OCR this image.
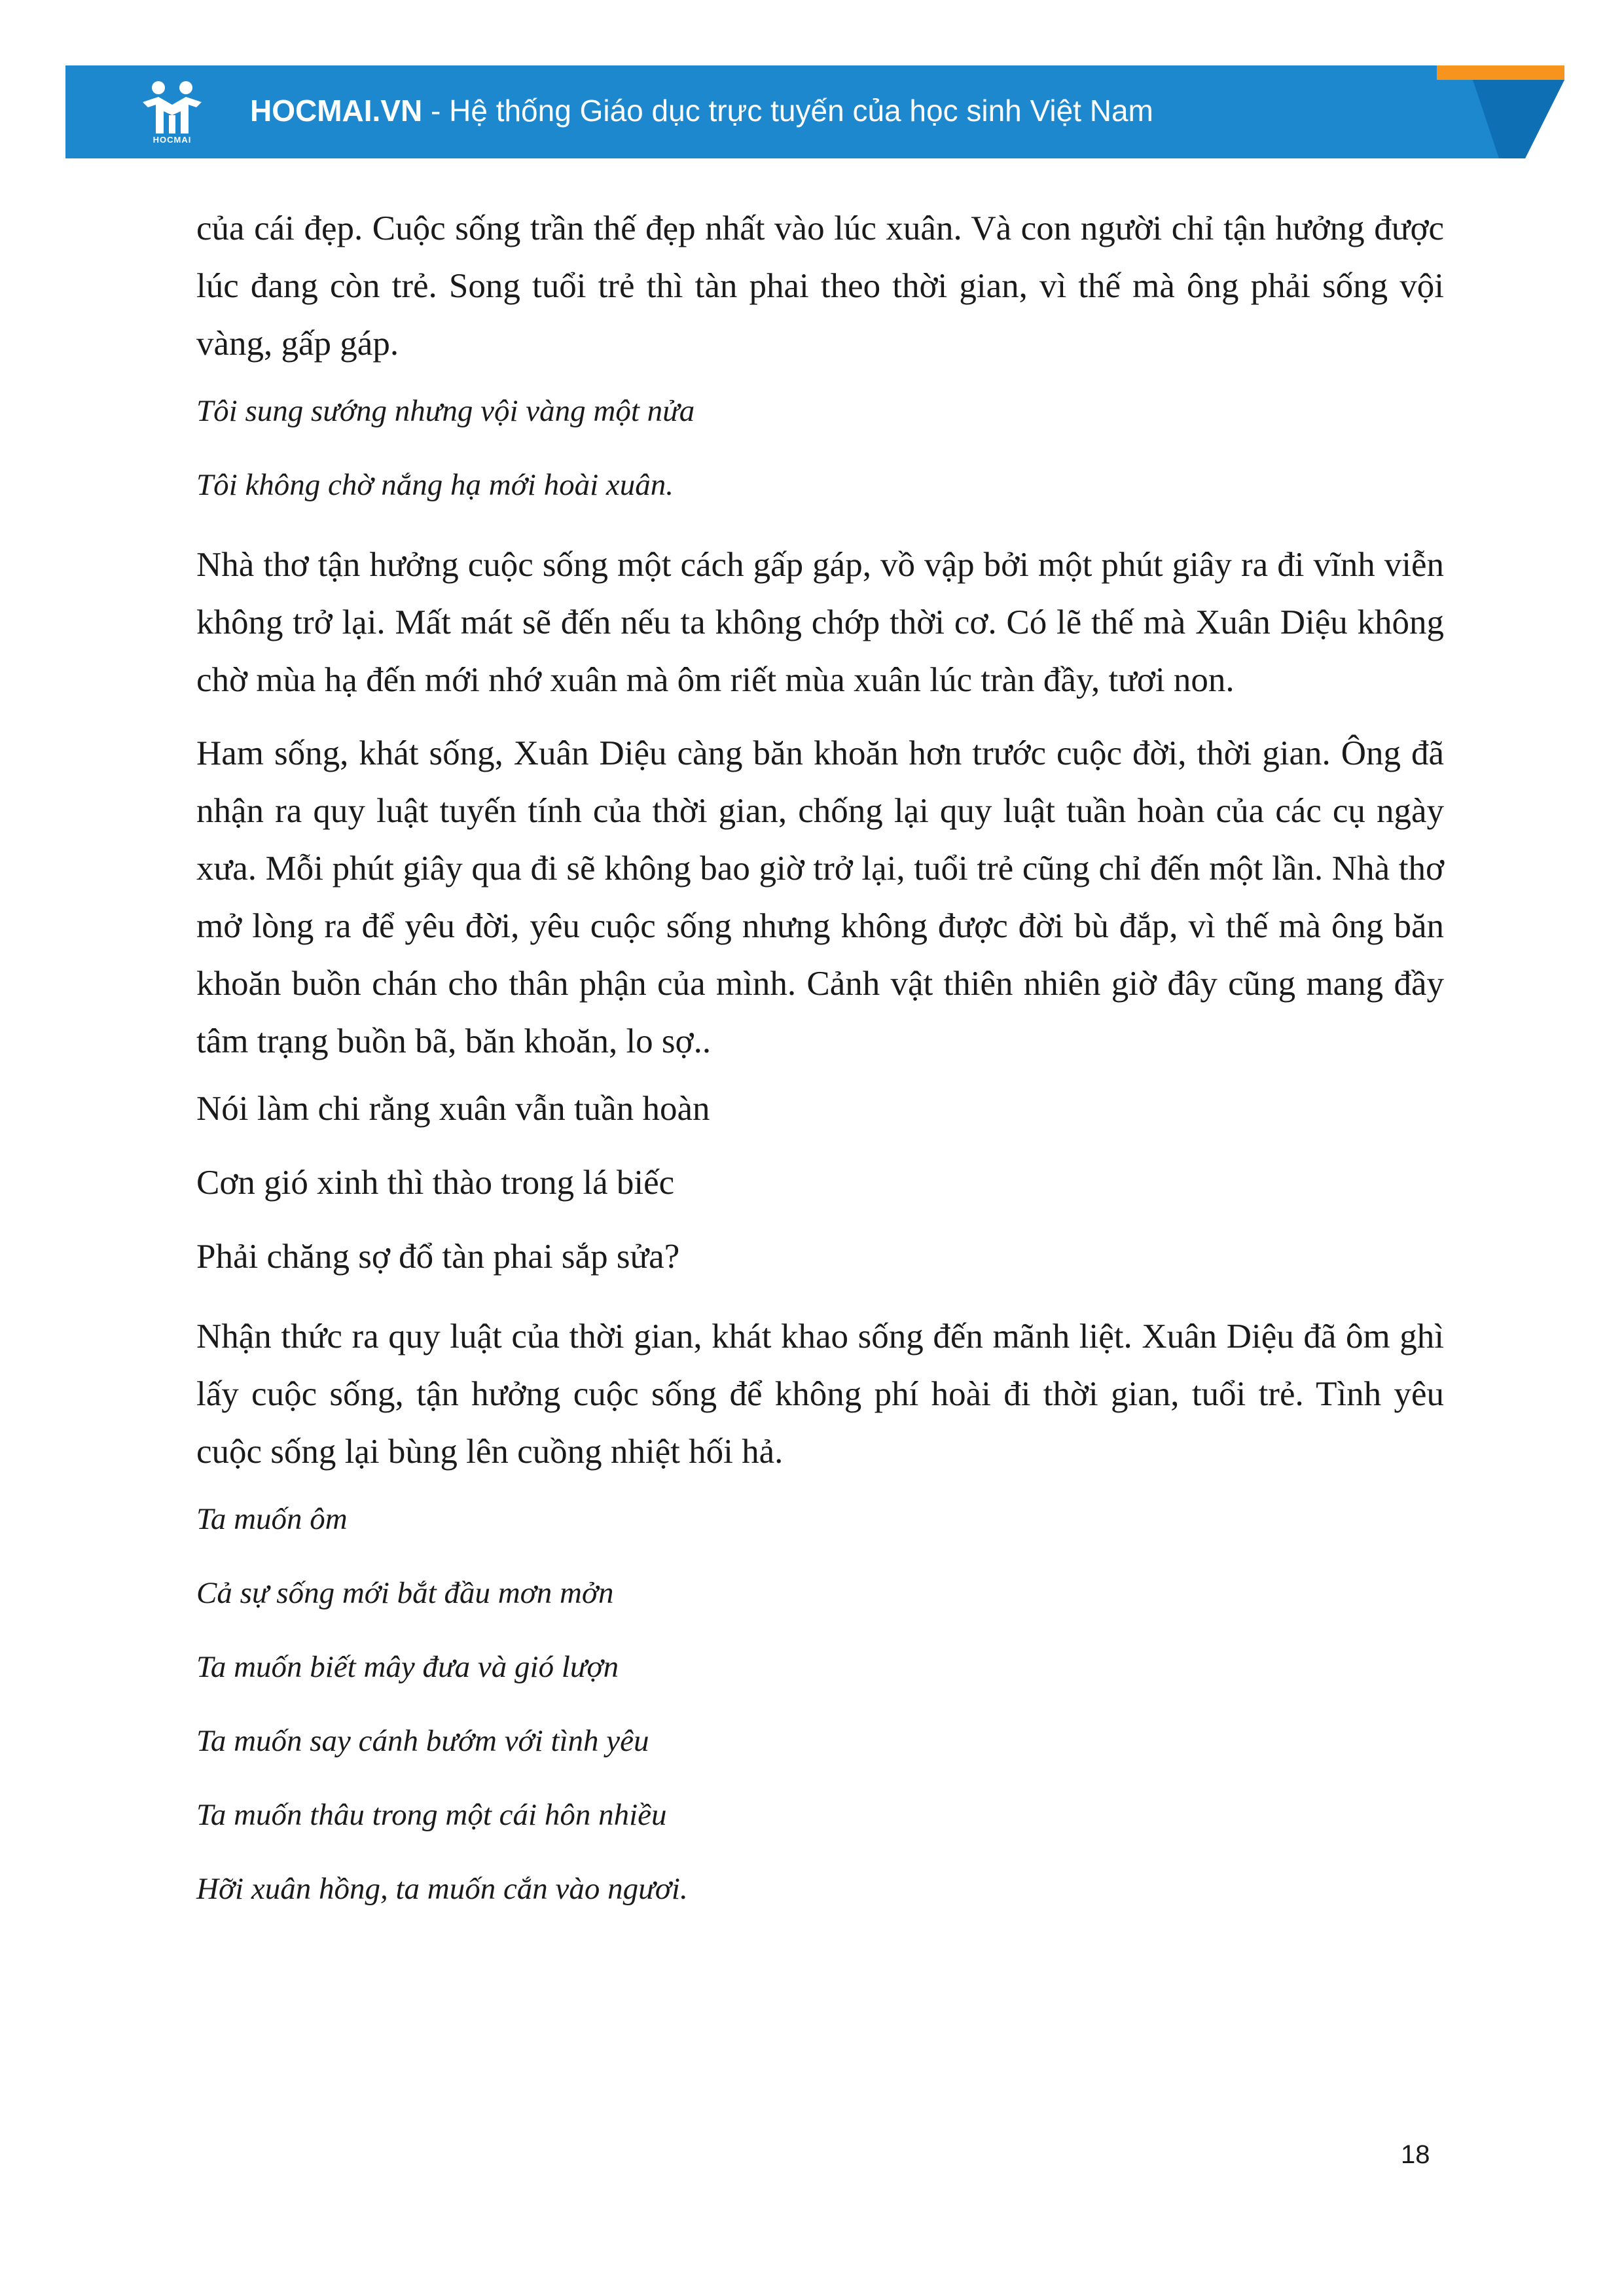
HOCMAI
HOCMAI.VN - Hệ thống Giáo dục trực tuyến của học sinh Việt Nam

của cái đẹp. Cuộc sống trần thế đẹp nhất vào lúc xuân. Và con người chỉ tận hưởng được lúc đang còn trẻ. Song tuổi trẻ thì tàn phai theo thời gian, vì thế mà ông phải sống vội vàng, gấp gáp.

Tôi sung sướng nhưng vội vàng một nửa

Tôi không chờ nắng hạ mới hoài xuân.

Nhà thơ tận hưởng cuộc sống một cách gấp gáp, vồ vập bởi một phút giây ra đi vĩnh viễn không trở lại. Mất mát sẽ đến nếu ta không chớp thời cơ. Có lẽ thế mà Xuân Diệu không chờ mùa hạ đến mới nhớ xuân mà ôm riết mùa xuân lúc tràn đầy, tươi non.

Ham sống, khát sống, Xuân Diệu càng băn khoăn hơn trước cuộc đời, thời gian. Ông đã nhận ra quy luật tuyến tính của thời gian, chống lại quy luật tuần hoàn của các cụ ngày xưa. Mỗi phút giây qua đi sẽ không bao giờ trở lại, tuổi trẻ cũng chỉ đến một lần. Nhà thơ mở lòng ra để yêu đời, yêu cuộc sống nhưng không được đời bù đắp, vì thế mà ông băn khoăn buồn chán cho thân phận của mình. Cảnh vật thiên nhiên giờ đây cũng mang đầy tâm trạng buồn bã, băn khoăn, lo sợ..

Nói làm chi rằng xuân vẫn tuần hoàn

Cơn gió xinh thì thào trong lá biếc

Phải chăng sợ đổ tàn phai sắp sửa?

Nhận thức ra quy luật của thời gian, khát khao sống đến mãnh liệt. Xuân Diệu đã ôm ghì lấy cuộc sống, tận hưởng cuộc sống để không phí hoài đi thời gian, tuổi trẻ. Tình yêu cuộc sống lại bùng lên cuồng nhiệt hối hả.

Ta muốn ôm

Cả sự sống mới bắt đầu mơn mởn

Ta muốn biết mây đưa và gió lượn

Ta muốn say cánh bướm với tình yêu

Ta muốn thâu trong một cái hôn nhiều

Hỡi xuân hồng, ta muốn cắn vào ngươi.

18
